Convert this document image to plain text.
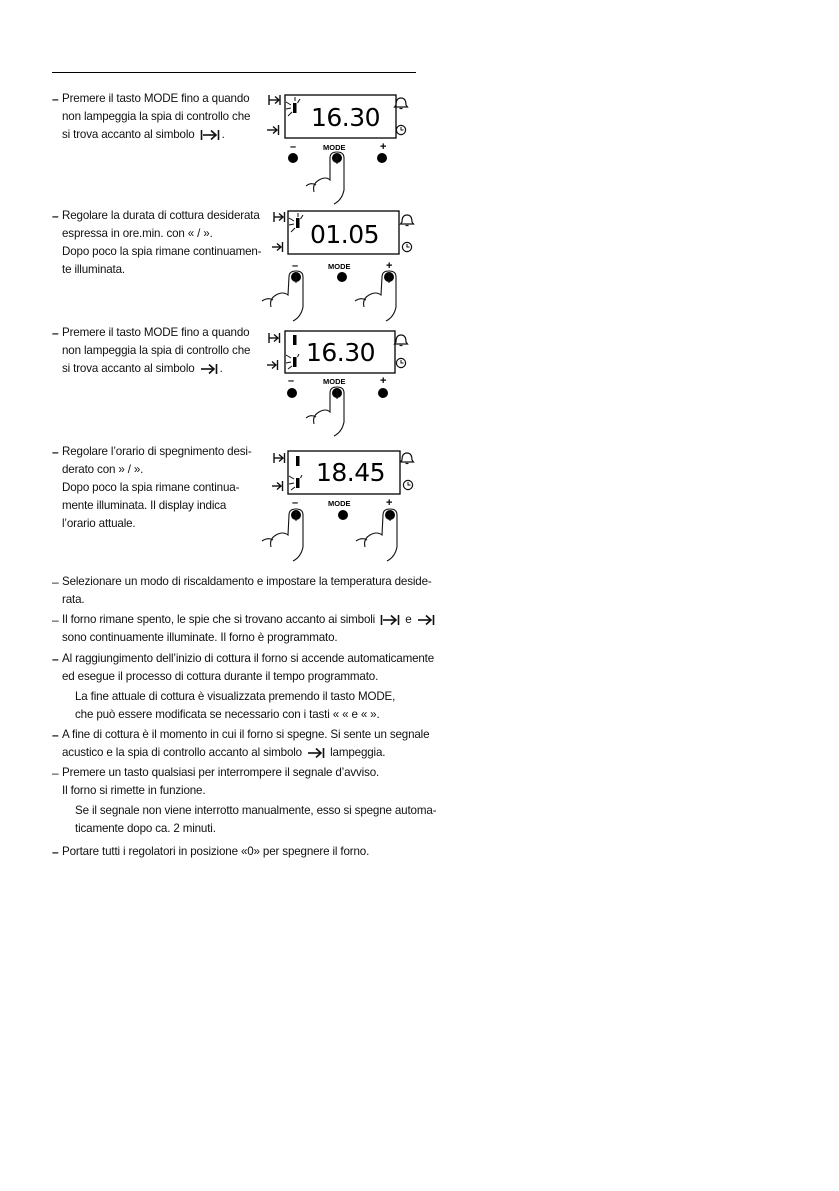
– Premere il tasto MODE fino a quando
non lampeggia la spia di controllo che
si trova accanto al simbolo .
16.30
–	MODE	+
– Regolare la durata di cottura desiderata
espressa in ore.min. con « / ».
Dopo poco la spia rimane continuamen-
te illuminata.
01.05
–	MODE	+
– Premere il tasto MODE fino a quando
non lampeggia la spia di controllo che
si trova accanto al simbolo .
16.30
–	MODE	+
– Regolare l’orario di spegnimento desi-
derato con » / ».
Dopo poco la spia rimane continua-
mente illuminata. Il display indica
l’orario attuale.
18.45
–	MODE	+
– Selezionare un modo di riscaldamento e impostare la temperatura deside-
rata.
– Il forno rimane spento, le spie che si trovano accanto ai simboli	e
sono continuamente illuminate. Il forno è programmato.
– Al raggiungimento dell’inizio di cottura il forno si accende automaticamente
ed esegue il processo di cottura durante il tempo programmato.
La fine attuale di cottura è visualizzata premendo il tasto MODE,
che può essere modificata se necessario con i tasti « « e « ».
– A fine di cottura è il momento in cui il forno si spegne. Si sente un segnale
acustico e la spia di controllo accanto al simbolo lampeggia.
– Premere un tasto qualsiasi per interrompere il segnale d’avviso.
Il forno si rimette in funzione.
Se il segnale non viene interrotto manualmente, esso si spegne automa-
ticamente dopo ca. 2 minuti.
– Portare tutti i regolatori in posizione «0» per spegnere il forno.
